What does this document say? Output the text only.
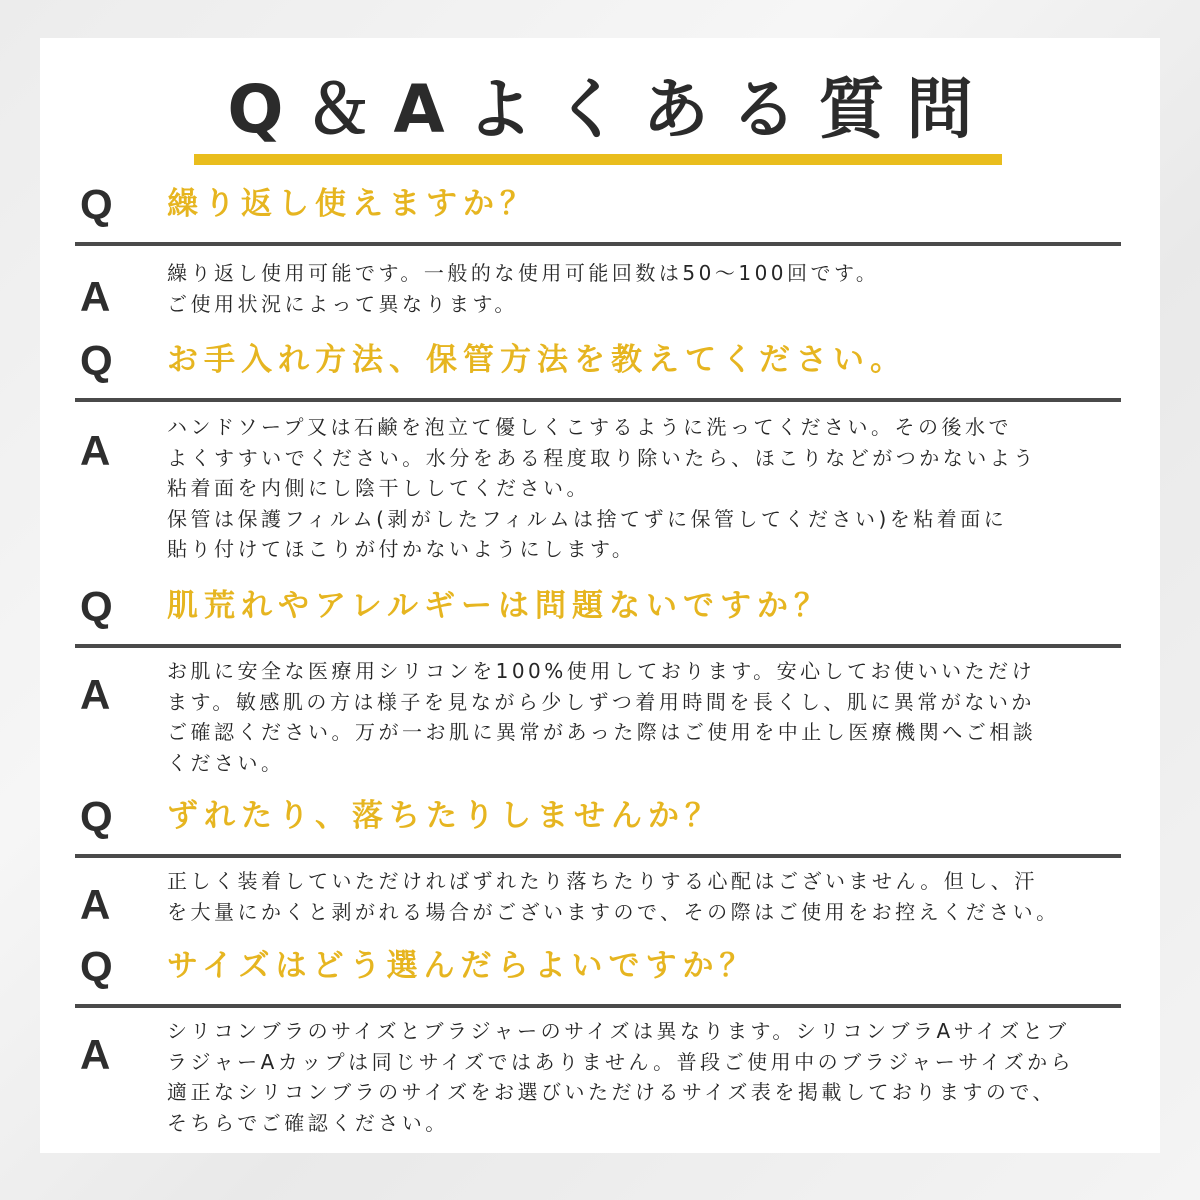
Q＆Aよくある質問
Q 繰り返し使えますか？
A	繰り返し使用可能です。一般的な使用可能回数は50～100回です。
ご使用状況によって異なります。
Q お手入れ方法、保管方法を教えてください。
A	ハンドソープ又は石鹸を泡立て優しくこするように洗ってください。その後水で
よくすすいでください。水分をある程度取り除いたら、ほこりなどがつかないよう
粘着面を内側にし陰干ししてください。
保管は保護フィルム(剥がしたフィルムは捨てずに保管してください)を粘着面に
貼り付けてほこりが付かないようにします。
Q 肌荒れやアレルギーは問題ないですか？
A	お肌に安全な医療用シリコンを100%使用しております。安心してお使いいただけ
ます。敏感肌の方は様子を見ながら少しずつ着用時間を長くし、肌に異常がないか
ご確認ください。万が一お肌に異常があった際はご使用を中止し医療機関へご相談
ください。
Q ずれたり、落ちたりしませんか？
A	正しく装着していただければずれたり落ちたりする心配はございません。但し、汗
を大量にかくと剥がれる場合がございますので、その際はご使用をお控えください。
Q サイズはどう選んだらよいですか？
A	シリコンブラのサイズとブラジャーのサイズは異なります。シリコンブラAサイズとブ
ラジャーAカップは同じサイズではありません。普段ご使用中のブラジャーサイズから
適正なシリコンブラのサイズをお選びいただけるサイズ表を掲載しておりますので、
そちらでご確認ください。
